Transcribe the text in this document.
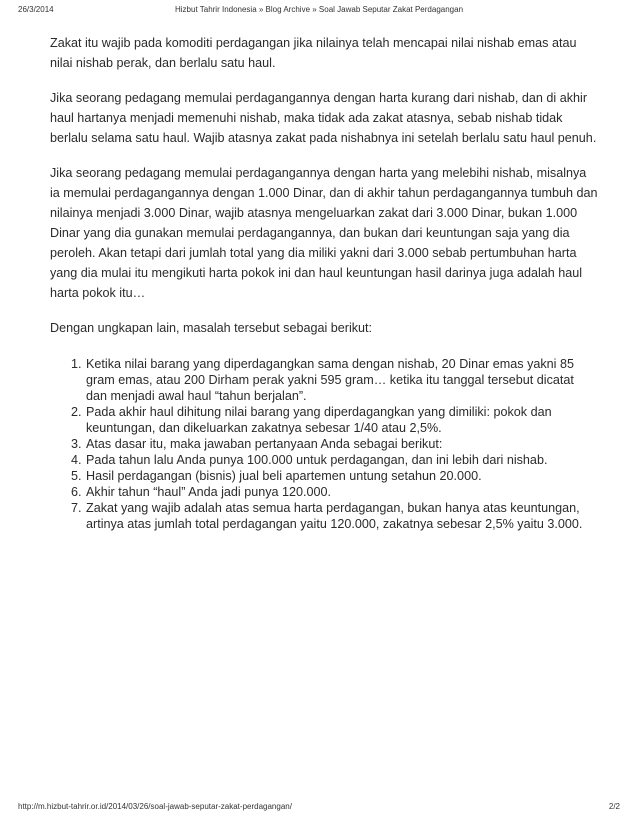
Hizbut Tahrir Indonesia » Blog Archive » Soal Jawab Seputar Zakat Perdagangan
26/3/2014

Zakat itu wajib pada komoditi perdagangan jika nilainya telah mencapai nilai nishab emas atau nilai nishab perak, dan berlalu satu haul.

Jika seorang pedagang memulai perdagangannya dengan harta kurang dari nishab, dan di akhir haul hartanya menjadi memenuhi nishab, maka tidak ada zakat atasnya, sebab nishab tidak berlalu selama satu haul. Wajib atasnya zakat pada nishabnya ini setelah berlalu satu haul penuh.

Jika seorang pedagang memulai perdagangannya dengan harta yang melebihi nishab, misalnya ia memulai perdagangannya dengan 1.000 Dinar, dan di akhir tahun perdagangannya tumbuh dan nilainya menjadi 3.000 Dinar, wajib atasnya mengeluarkan zakat dari 3.000 Dinar, bukan 1.000 Dinar yang dia gunakan memulai perdagangannya, dan bukan dari keuntungan saja yang dia peroleh. Akan tetapi dari jumlah total yang dia miliki yakni dari 3.000 sebab pertumbuhan harta yang dia mulai itu mengikuti harta pokok ini dan haul keuntungan hasil darinya juga adalah haul harta pokok itu…

Dengan ungkapan lain, masalah tersebut sebagai berikut:

1. Ketika nilai barang yang diperdagangkan sama dengan nishab, 20 Dinar emas yakni 85 gram emas, atau 200 Dirham perak yakni 595 gram… ketika itu tanggal tersebut dicatat dan menjadi awal haul “tahun berjalan”.
2. Pada akhir haul dihitung nilai barang yang diperdagangkan yang dimiliki: pokok dan keuntungan, dan dikeluarkan zakatnya sebesar 1/40 atau 2,5%.
3. Atas dasar itu, maka jawaban pertanyaan Anda sebagai berikut:
4. Pada tahun lalu Anda punya 100.000 untuk perdagangan, dan ini lebih dari nishab.
5. Hasil perdagangan (bisnis) jual beli apartemen untung setahun 20.000.
6. Akhir tahun “haul” Anda jadi punya 120.000.
7. Zakat yang wajib adalah atas semua harta perdagangan, bukan hanya atas keuntungan, artinya atas jumlah total perdagangan yaitu 120.000, zakatnya sebesar 2,5% yaitu 3.000.
http://m.hizbut-tahrir.or.id/2014/03/26/soal-jawab-seputar-zakat-perdagangan/	2/2
